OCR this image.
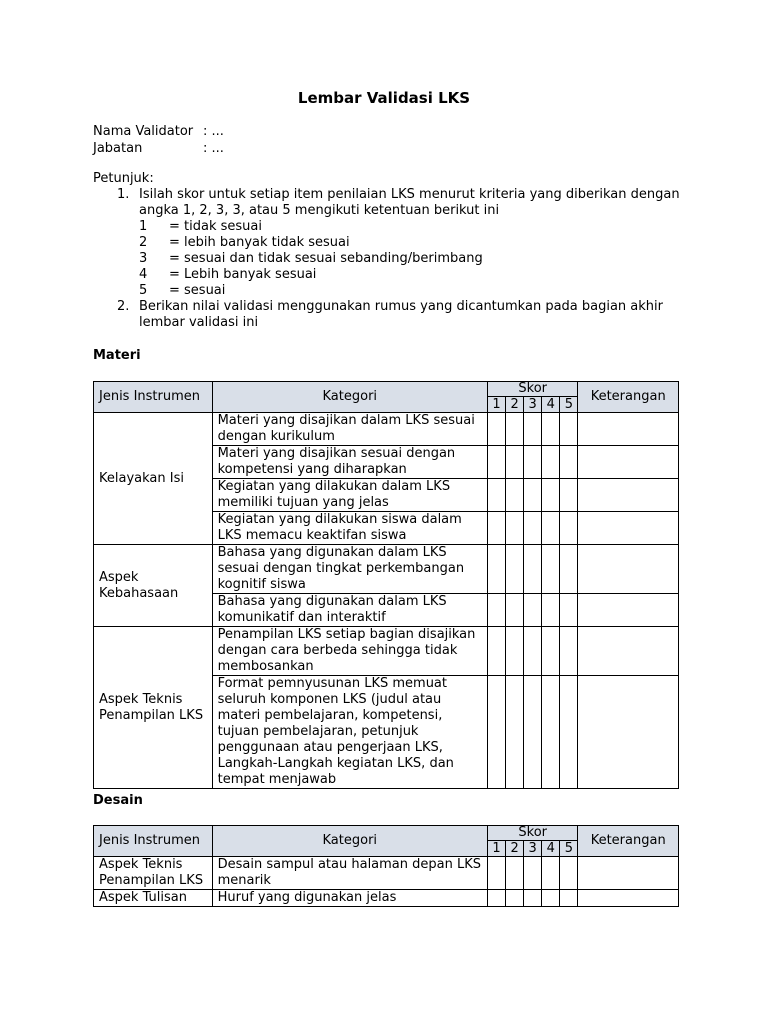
Lembar Validasi LKS
Nama Validator : ...
Jabatan	: ...
Petunjuk:
1. Isilah skor untuk setiap item penilaian LKS menurut kriteria yang diberikan dengan angka 1, 2, 3, 3, atau 5 mengikuti ketentuan berikut ini
1	= tidak sesuai
2	= lebih banyak tidak sesuai
3	= sesuai dan tidak sesuai sebanding/berimbang
4	= Lebih banyak sesuai
5	= sesuai
2. Berikan nilai validasi menggunakan rumus yang dicantumkan pada bagian akhir lembar validasi ini
Materi
Jenis Instrumen	Kategori	Skor					Keterangan
		1	2	3	4	5	
Kelayakan Isi	Materi yang disajikan dalam LKS sesuai dengan kurikulum						
	Materi yang disajikan sesuai dengan kompetensi yang diharapkan						
	Kegiatan yang dilakukan dalam LKS memiliki tujuan yang jelas						
	Kegiatan yang dilakukan siswa dalam LKS memacu keaktifan siswa						
Aspek Kebahasaan	Bahasa yang digunakan dalam LKS sesuai dengan tingkat perkembangan kognitif siswa						
	Bahasa yang digunakan dalam LKS komunikatif dan interaktif						
Aspek Teknis Penampilan LKS	Penampilan LKS setiap bagian disajikan dengan cara berbeda sehingga tidak membosankan						
	Format pemnyusunan LKS memuat seluruh komponen LKS (judul atau materi pembelajaran, kompetensi, tujuan pembelajaran, petunjuk penggunaan atau pengerjaan LKS, Langkah-Langkah kegiatan LKS, dan tempat menjawab						
Desain
Jenis Instrumen	Kategori	Skor					Keterangan
		1	2	3	4	5	
Aspek Teknis Penampilan LKS	Desain sampul atau halaman depan LKS menarik						
Aspek Tulisan	Huruf yang digunakan jelas						
